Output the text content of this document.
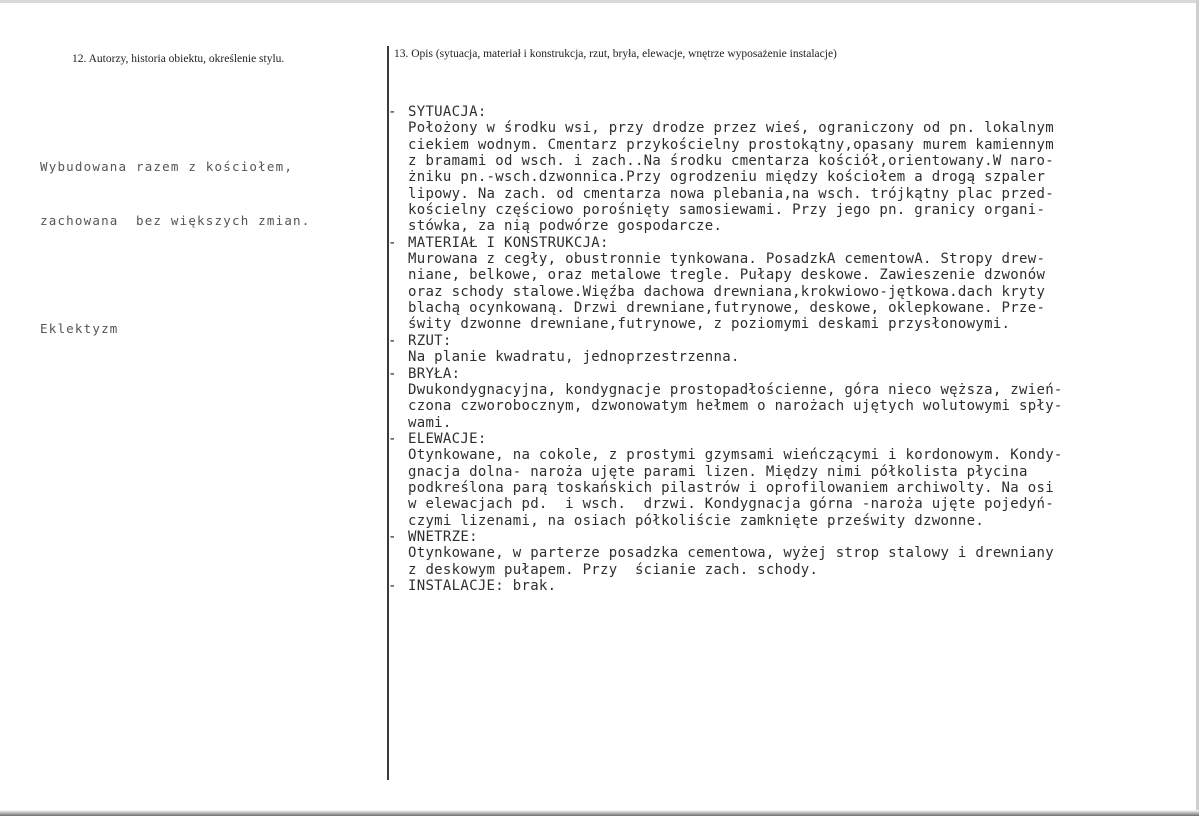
12. Autorzy, historia obiektu, określenie stylu.	13. Opis (sytuacja, materiał i konstrukcja, rzut, bryła, elewacje, wnętrze wyposażenie instalacje)

Wybudowana razem z kościołem,

zachowana  bez większych zmian.

Eklektyzm

- SYTUACJA:
Położony w środku wsi, przy drodze przez wieś, ograniczony od pn. lokalnym
ciekiem wodnym. Cmentarz przykościelny prostokątny,opasany murem kamiennym
z bramami od wsch. i zach..Na środku cmentarza kościół,orientowany.W naro-
żniku pn.-wsch.dzwonnica.Przy ogrodzeniu między kościołem a drogą szpaler
lipowy. Na zach. od cmentarza nowa plebania,na wsch. trójkątny plac przed-
kościelny częściowo porośnięty samosiewami. Przy jego pn. granicy organi-
stówka, za nią podwórze gospodarcze.
- MATERIAŁ I KONSTRUKCJA:
Murowana z cegły, obustronnie tynkowana. PosadzkA cementowA. Stropy drew-
niane, belkowe, oraz metalowe tregle. Pułapy deskowe. Zawieszenie dzwonów
oraz schody stalowe.Więźba dachowa drewniana,krokwiowo-jętkowa.dach kryty
blachą ocynkowaną. Drzwi drewniane,futrynowe, deskowe, oklepkowane. Prze-
świty dzwonne drewniane,futrynowe, z poziomymi deskami przysłonowymi.
- RZUT:
Na planie kwadratu, jednoprzestrzenna.
- BRYŁA:
Dwukondygnacyjna, kondygnacje prostopadłościenne, góra nieco węższa, zwień-
czona czworobocznym, dzwonowatym hełmem o narożach ujętych wolutowymi spły-
wami.
- ELEWACJE:
Otynkowane, na cokole, z prostymi gzymsami wieńczącymi i kordonowym. Kondy-
gnacja dolna- naroża ujęte parami lizen. Między nimi półkolista płycina
podkreślona parą toskańskich pilastrów i oprofilowaniem archiwolty. Na osi
w elewacjach pd.  i wsch.  drzwi. Kondygnacja górna -naroża ujęte pojedyń-
czymi lizenami, na osiach półkoliście zamknięte prześwity dzwonne.
- WNETRZE:
Otynkowane, w parterze posadzka cementowa, wyżej strop stalowy i drewniany
z deskowym pułapem. Przy  ścianie zach. schody.
- INSTALACJE: brak.
